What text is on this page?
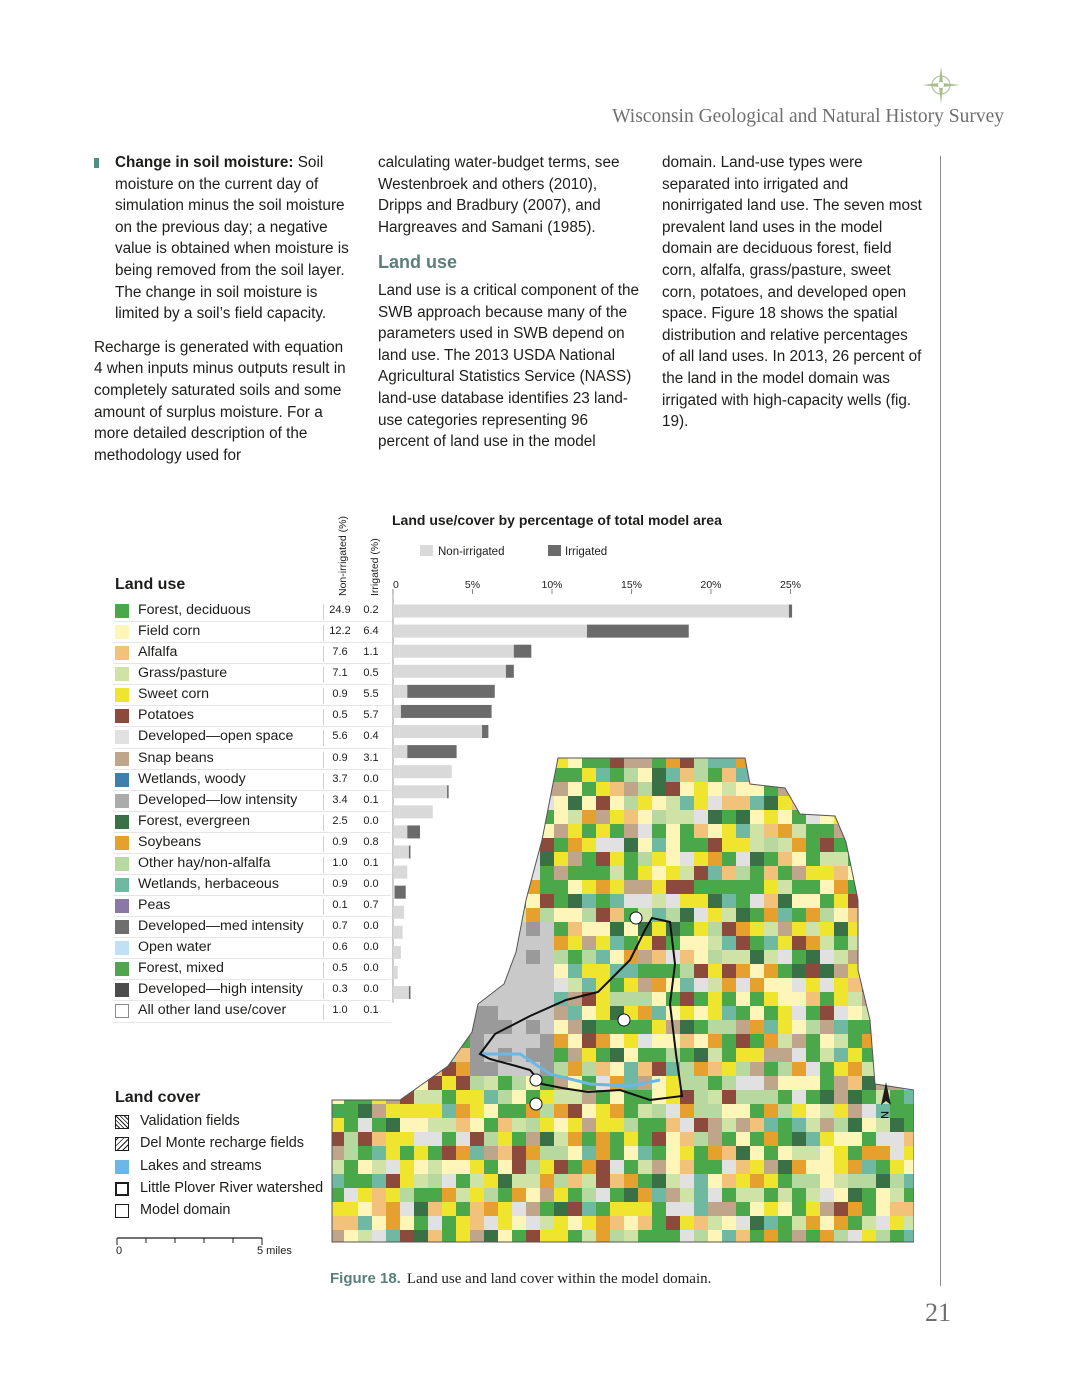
Wisconsin Geological and Natural History Survey
21

Change in soil moisture: Soil moisture on the current day of simulation minus the soil moisture on the previous day; a negative value is obtained when moisture is being removed from the soil layer. The change in soil moisture is limited by a soil’s field capacity.

Recharge is generated with equation 4 when inputs minus outputs result in completely saturated soils and some amount of surplus moisture. For a more detailed description of the methodology used for

calculating water-budget terms, see Westenbroek and others (2010), Dripps and Bradbury (2007), and Hargreaves and Samani (1985).

Land use

Land use is a critical component of the SWB approach because many of the parameters used in SWB depend on land use. The 2013 USDA National Agricultural Statistics Service (NASS) land-use database identifies 23 land-use categories representing 96 percent of land use in the model

domain. Land-use types were separated into irrigated and nonirrigated land use. The seven most prevalent land uses in the model domain are deciduous forest, field corn, alfalfa, grass/pasture, sweet corn, potatoes, and developed open space. Figure 18 shows the spatial distribution and relative percentages of all land uses. In 2013, 26 percent of the land in the model domain was irrigated with high-capacity wells (fig. 19).

Land use/cover by percentage of total model area
Non-irrigated	Irrigated
Non-irrigated (%) Irrigated (%)
Land use
Forest, deciduous	24.9	0.2
Field corn	12.2	6.4
Alfalfa	7.6	1.1
Grass/pasture	7.1	0.5
Sweet corn	0.9	5.5
Potatoes	0.5	5.7
Developed—open space	5.6	0.4
Snap beans	0.9	3.1
Wetlands, woody	3.7	0.0
Developed—low intensity	3.4	0.1
Forest, evergreen	2.5	0.0
Soybeans	0.9	0.8
Other hay/non-alfalfa	1.0	0.1
Wetlands, herbaceous	0.9	0.0
Peas	0.1	0.7
Developed—med intensity	0.7	0.0
Open water	0.6	0.0
Forest, mixed	0.5	0.0
Developed—high intensity	0.3	0.0
All other land use/cover	1.0	0.1
0	5%	10%	15%	20%	25%
N
Land cover
Validation fields
Del Monte recharge fields
Lakes and streams
Little Plover River watershed
Model domain
0	5 miles
Figure 18. Land use and land cover within the model domain.
